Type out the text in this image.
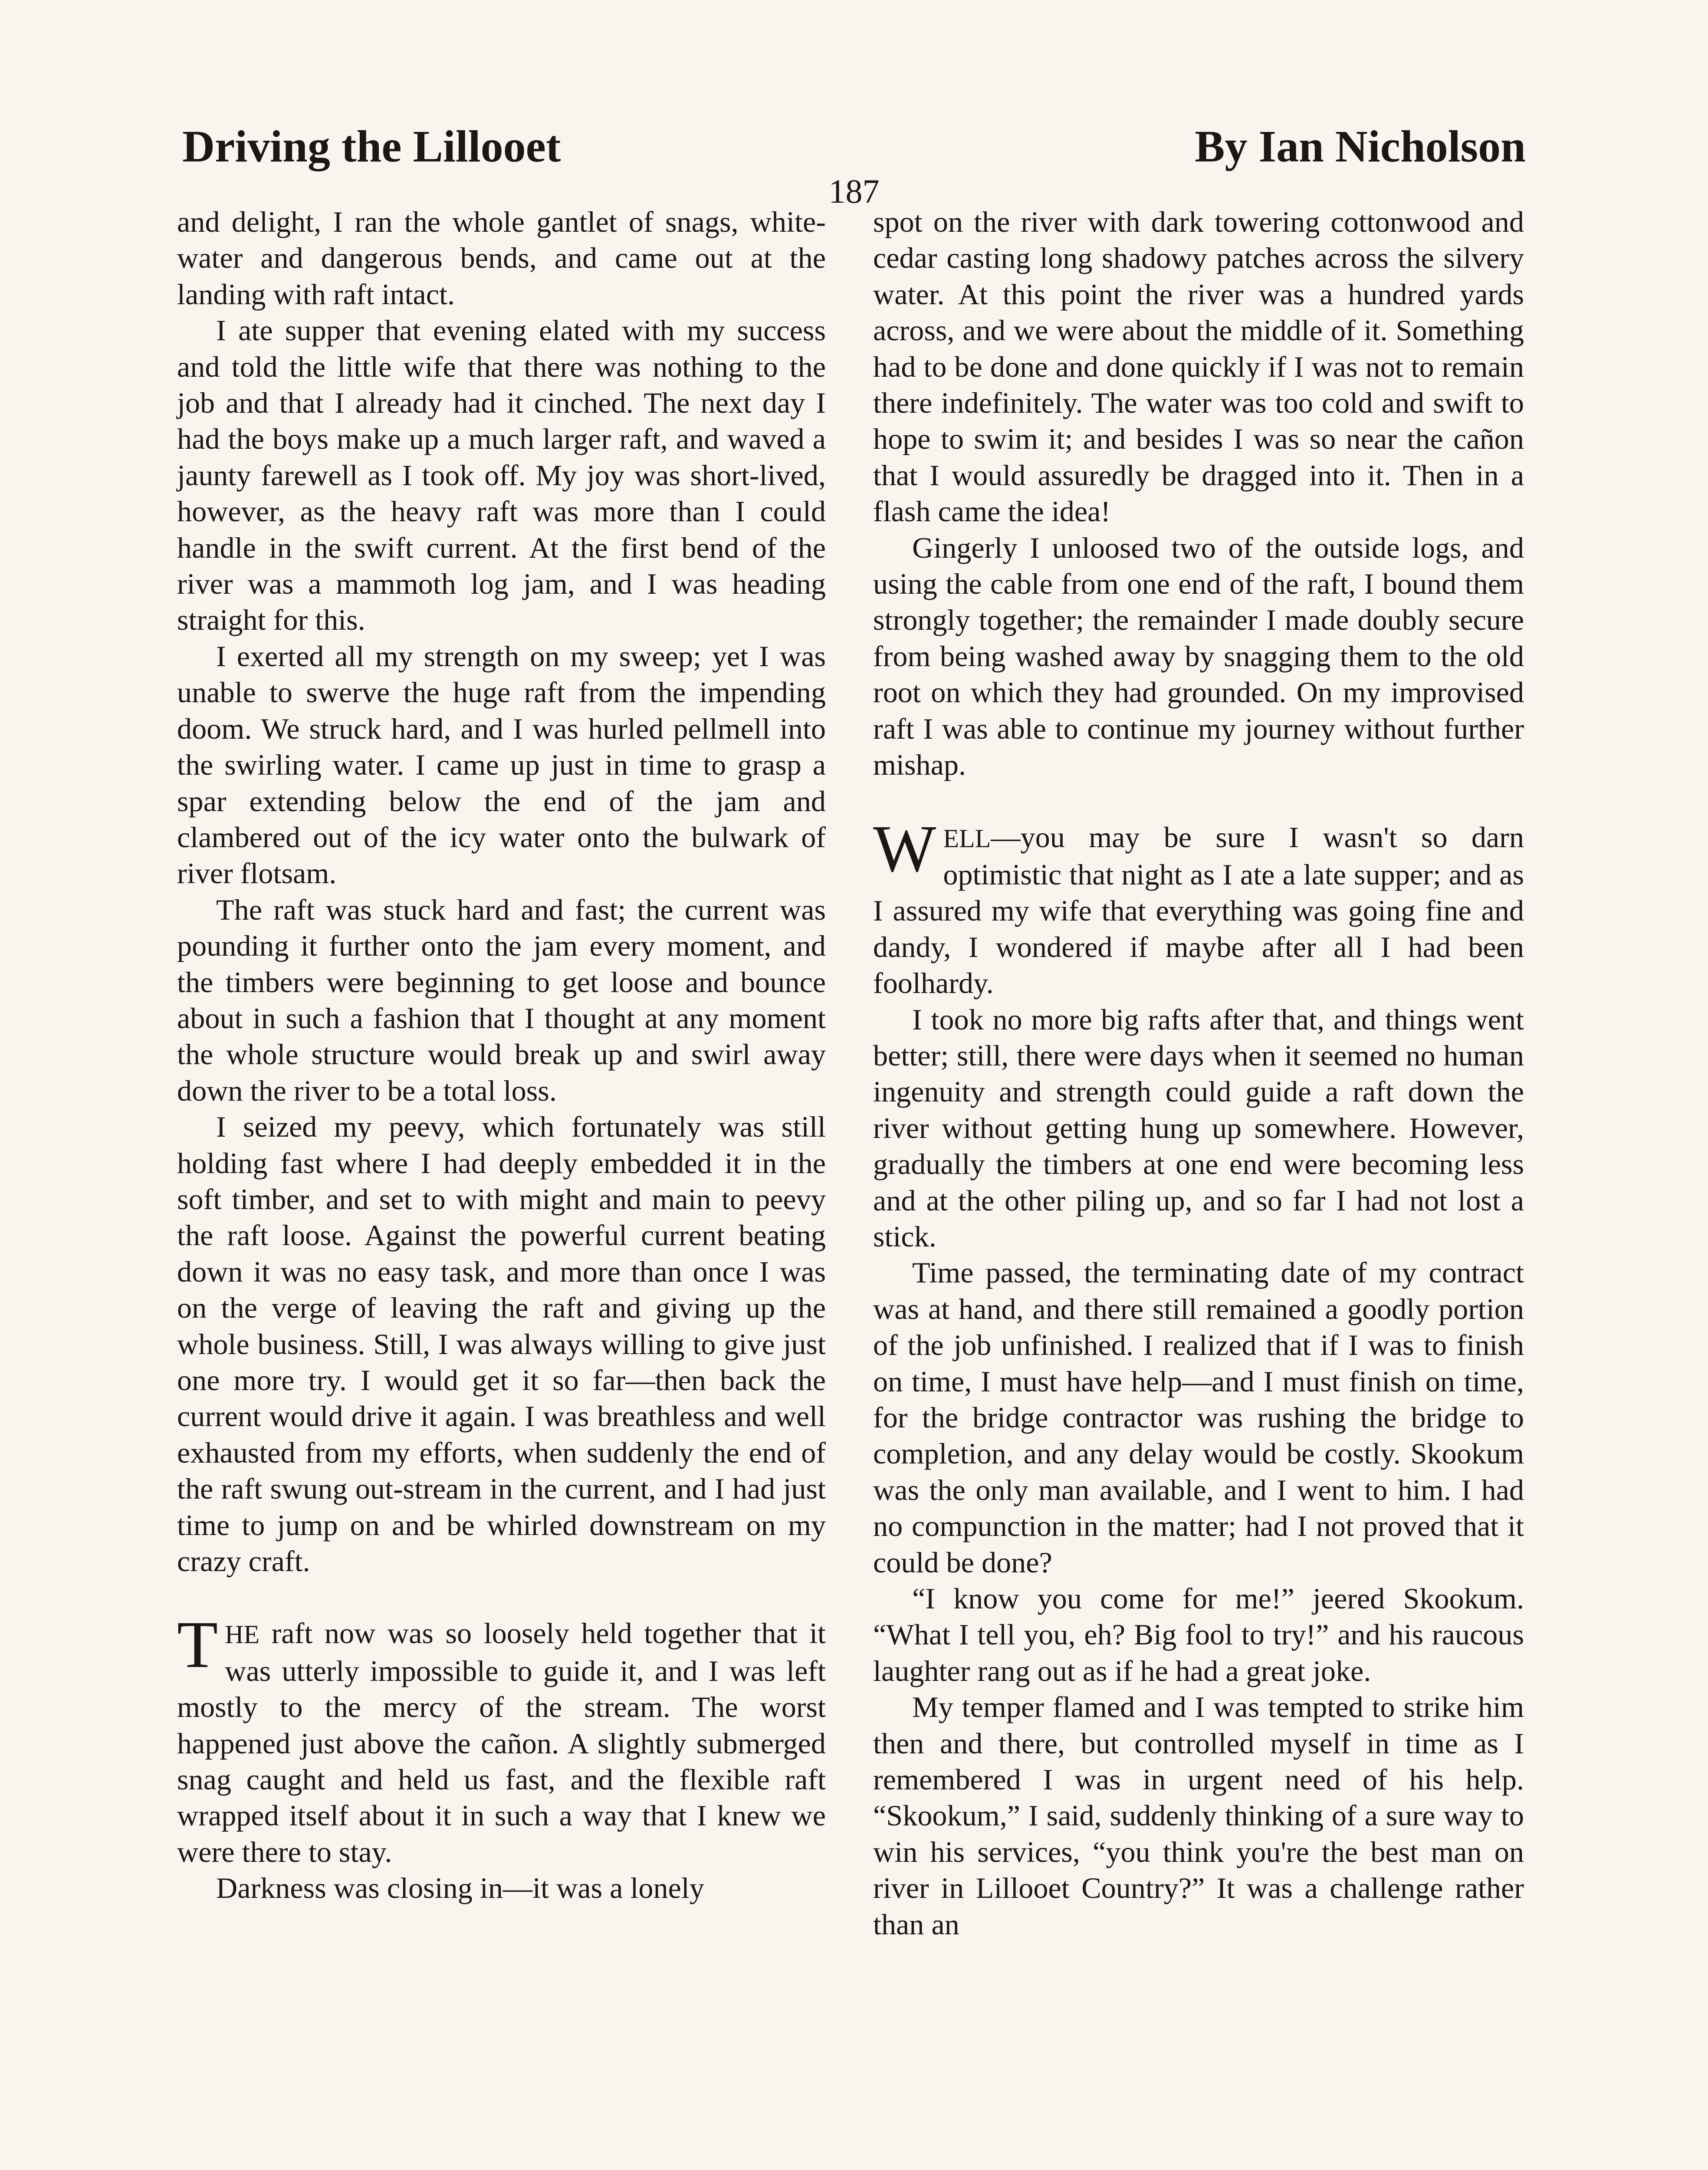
Driving the Lillooet	By Ian Nicholson
187

and delight, I ran the whole gantlet of snags, white-water and dangerous bends, and came out at the landing with raft intact.

I ate supper that evening elated with my success and told the little wife that there was nothing to the job and that I already had it cinched. The next day I had the boys make up a much larger raft, and waved a jaunty farewell as I took off. My joy was short-lived, however, as the heavy raft was more than I could handle in the swift current. At the first bend of the river was a mammoth log jam, and I was heading straight for this.

I exerted all my strength on my sweep; yet I was unable to swerve the huge raft from the impending doom. We struck hard, and I was hurled pellmell into the swirling water. I came up just in time to grasp a spar extending below the end of the jam and clambered out of the icy water onto the bulwark of river flotsam.

The raft was stuck hard and fast; the current was pounding it further onto the jam every moment, and the timbers were beginning to get loose and bounce about in such a fashion that I thought at any moment the whole structure would break up and swirl away down the river to be a total loss.

I seized my peevy, which fortunately was still holding fast where I had deeply embedded it in the soft timber, and set to with might and main to peevy the raft loose. Against the powerful current beating down it was no easy task, and more than once I was on the verge of leaving the raft and giving up the whole business. Still, I was always willing to give just one more try. I would get it so far—then back the current would drive it again. I was breathless and well exhausted from my efforts, when suddenly the end of the raft swung out-stream in the current, and I had just time to jump on and be whirled downstream on my crazy craft.

THE raft now was so loosely held together that it was utterly impossible to guide it, and I was left mostly to the mercy of the stream. The worst happened just above the cañon. A slightly submerged snag caught and held us fast, and the flexible raft wrapped itself about it in such a way that I knew we were there to stay.

Darkness was closing in—it was a lonely

spot on the river with dark towering cottonwood and cedar casting long shadowy patches across the silvery water. At this point the river was a hundred yards across, and we were about the middle of it. Something had to be done and done quickly if I was not to remain there indefinitely. The water was too cold and swift to hope to swim it; and besides I was so near the cañon that I would assuredly be dragged into it. Then in a flash came the idea!

Gingerly I unloosed two of the outside logs, and using the cable from one end of the raft, I bound them strongly together; the remainder I made doubly secure from being washed away by snagging them to the old root on which they had grounded. On my improvised raft I was able to continue my journey without further mishap.

WELL—you may be sure I wasn't so darn optimistic that night as I ate a late supper; and as I assured my wife that everything was going fine and dandy, I wondered if maybe after all I had been foolhardy.

I took no more big rafts after that, and things went better; still, there were days when it seemed no human ingenuity and strength could guide a raft down the river without getting hung up somewhere. However, gradually the timbers at one end were becoming less and at the other piling up, and so far I had not lost a stick.

Time passed, the terminating date of my contract was at hand, and there still remained a goodly portion of the job unfinished. I realized that if I was to finish on time, I must have help—and I must finish on time, for the bridge contractor was rushing the bridge to completion, and any delay would be costly. Skookum was the only man available, and I went to him. I had no compunction in the matter; had I not proved that it could be done?

“I know you come for me!” jeered Skookum. “What I tell you, eh? Big fool to try!” and his raucous laughter rang out as if he had a great joke.

My temper flamed and I was tempted to strike him then and there, but controlled myself in time as I remembered I was in urgent need of his help. “Skookum,” I said, suddenly thinking of a sure way to win his services, “you think you're the best man on river in Lillooet Country?” It was a challenge rather than an
